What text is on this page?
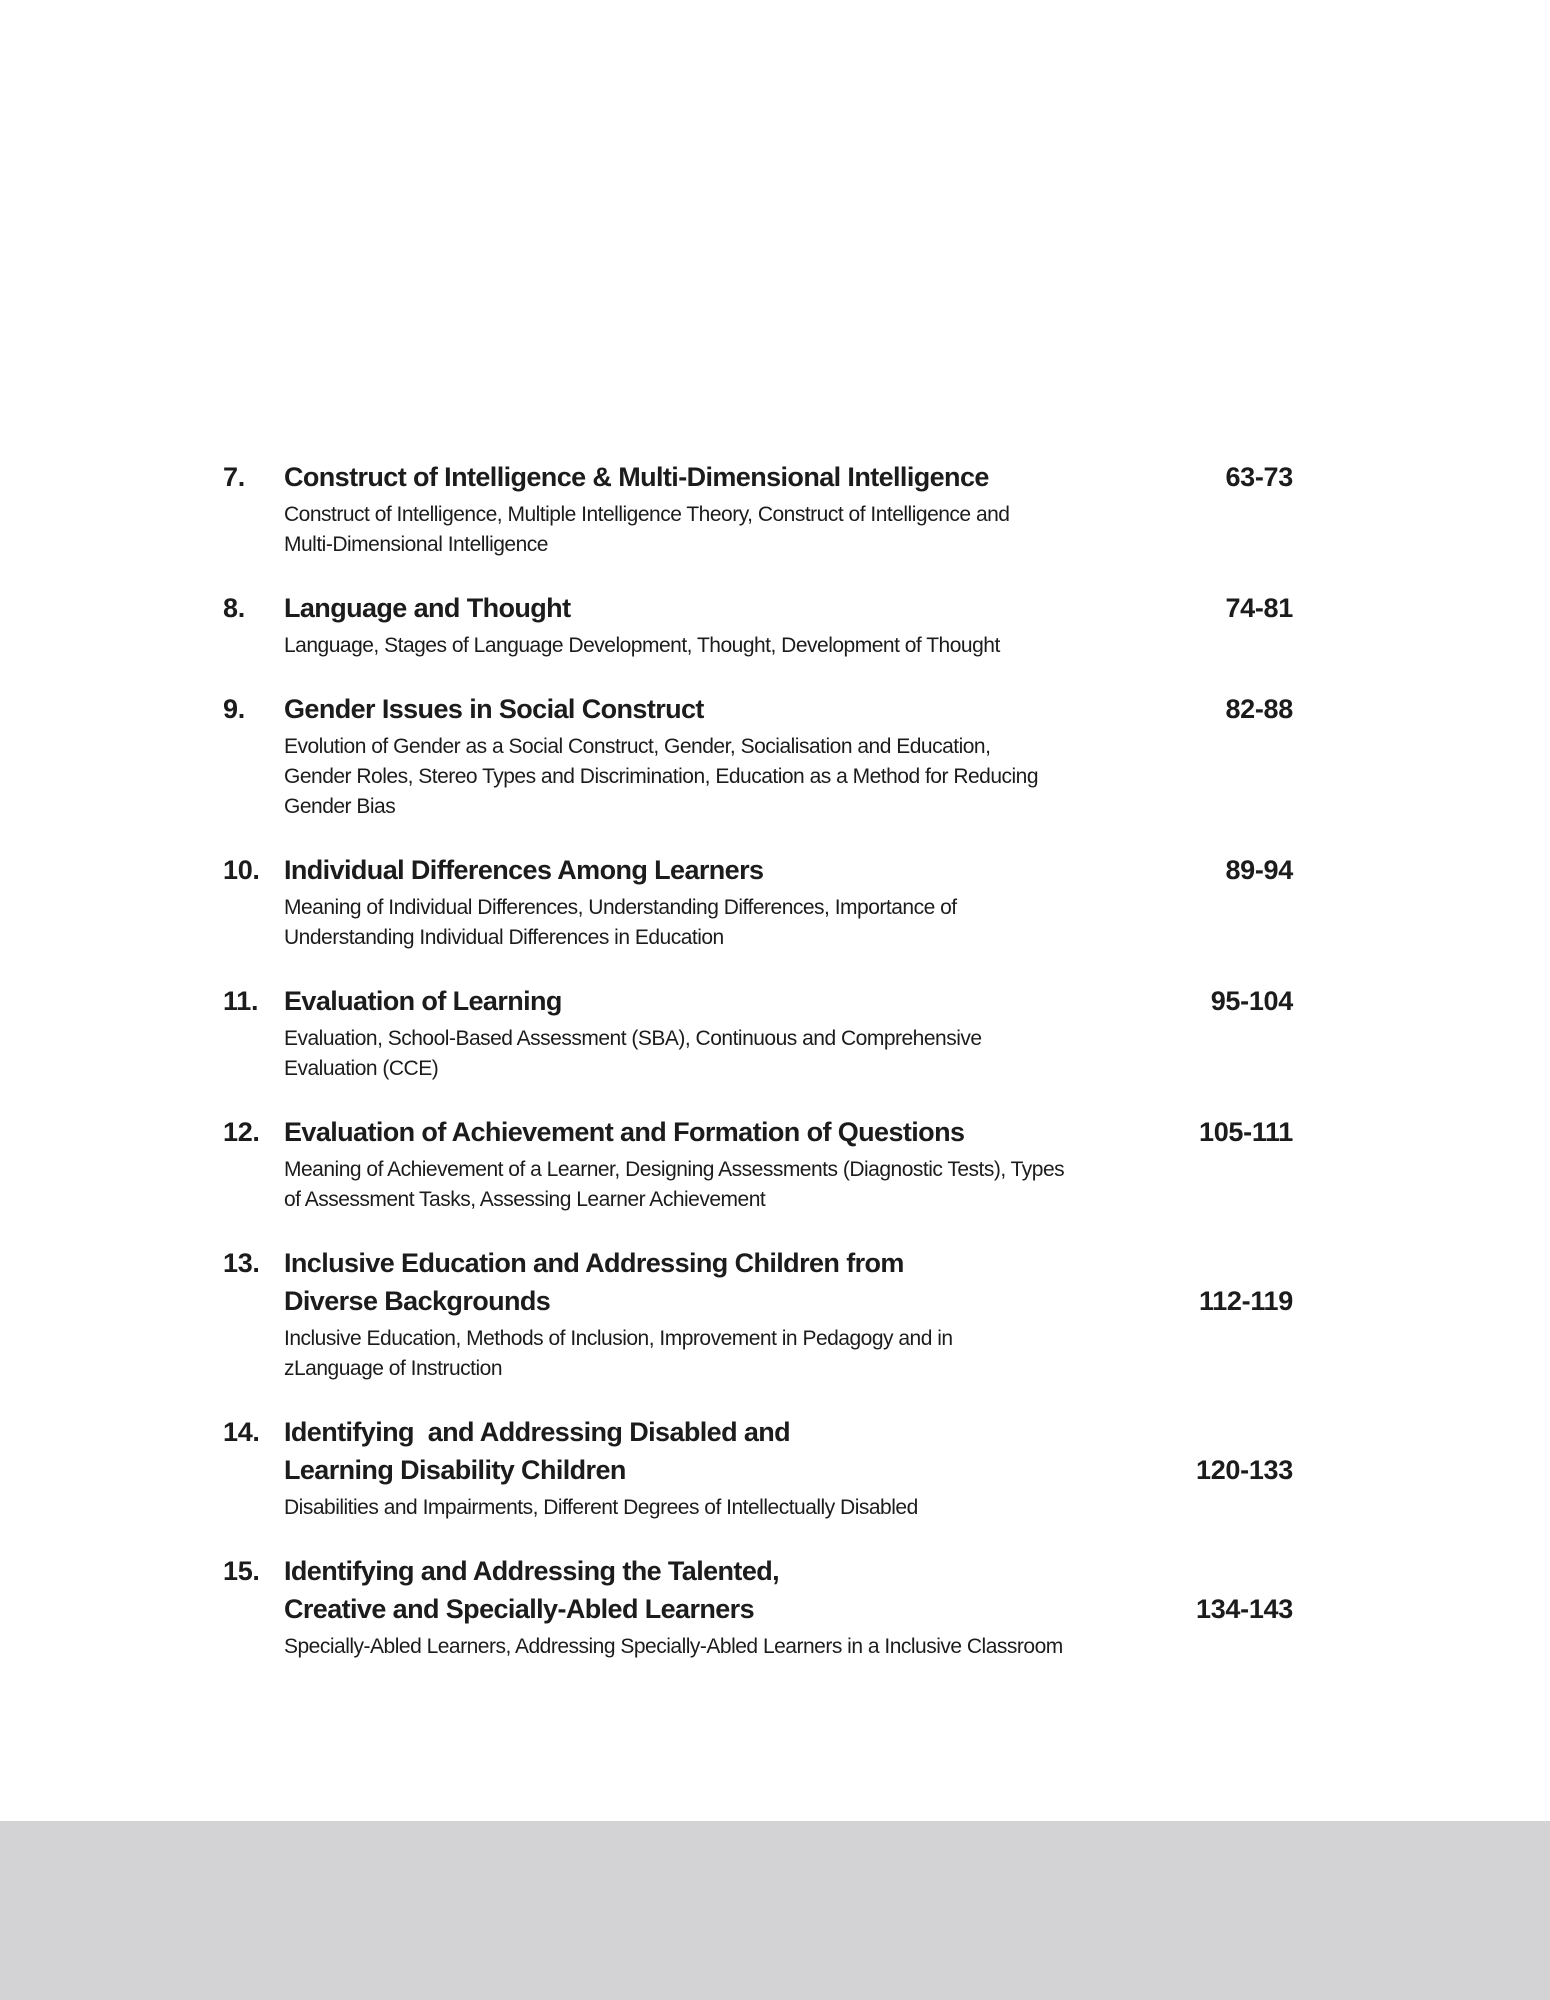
7.	Construct of Intelligence & Multi-Dimensional Intelligence	63-73
Construct of Intelligence, Multiple Intelligence Theory, Construct of Intelligence and
Multi-Dimensional Intelligence
8.	Language and Thought	74-81
Language, Stages of Language Development, Thought, Development of Thought
9.	Gender Issues in Social Construct	82-88
Evolution of Gender as a Social Construct, Gender, Socialisation and Education,
Gender Roles, Stereo Types and Discrimination, Education as a Method for Reducing
Gender Bias
10. Individual Differences Among Learners	89-94
Meaning of Individual Differences, Understanding Differences, Importance of
Understanding Individual Differences in Education
11. Evaluation of Learning	95-104
Evaluation, School-Based Assessment (SBA), Continuous and Comprehensive
Evaluation (CCE)
12. Evaluation of Achievement and Formation of Questions	105-111
Meaning of Achievement of a Learner, Designing Assessments (Diagnostic Tests), Types
of Assessment Tasks, Assessing Learner Achievement
13. Inclusive Education and Addressing Children from
Diverse Backgrounds	112-119
Inclusive Education, Methods of Inclusion, Improvement in Pedagogy and in
zLanguage of Instruction
14. Identifying  and Addressing Disabled and
Learning Disability Children	120-133
Disabilities and Impairments, Different Degrees of Intellectually Disabled
15. Identifying and Addressing the Talented,
Creative and Specially-Abled Learners	134-143
Specially-Abled Learners, Addressing Specially-Abled Learners in a Inclusive Classroom
